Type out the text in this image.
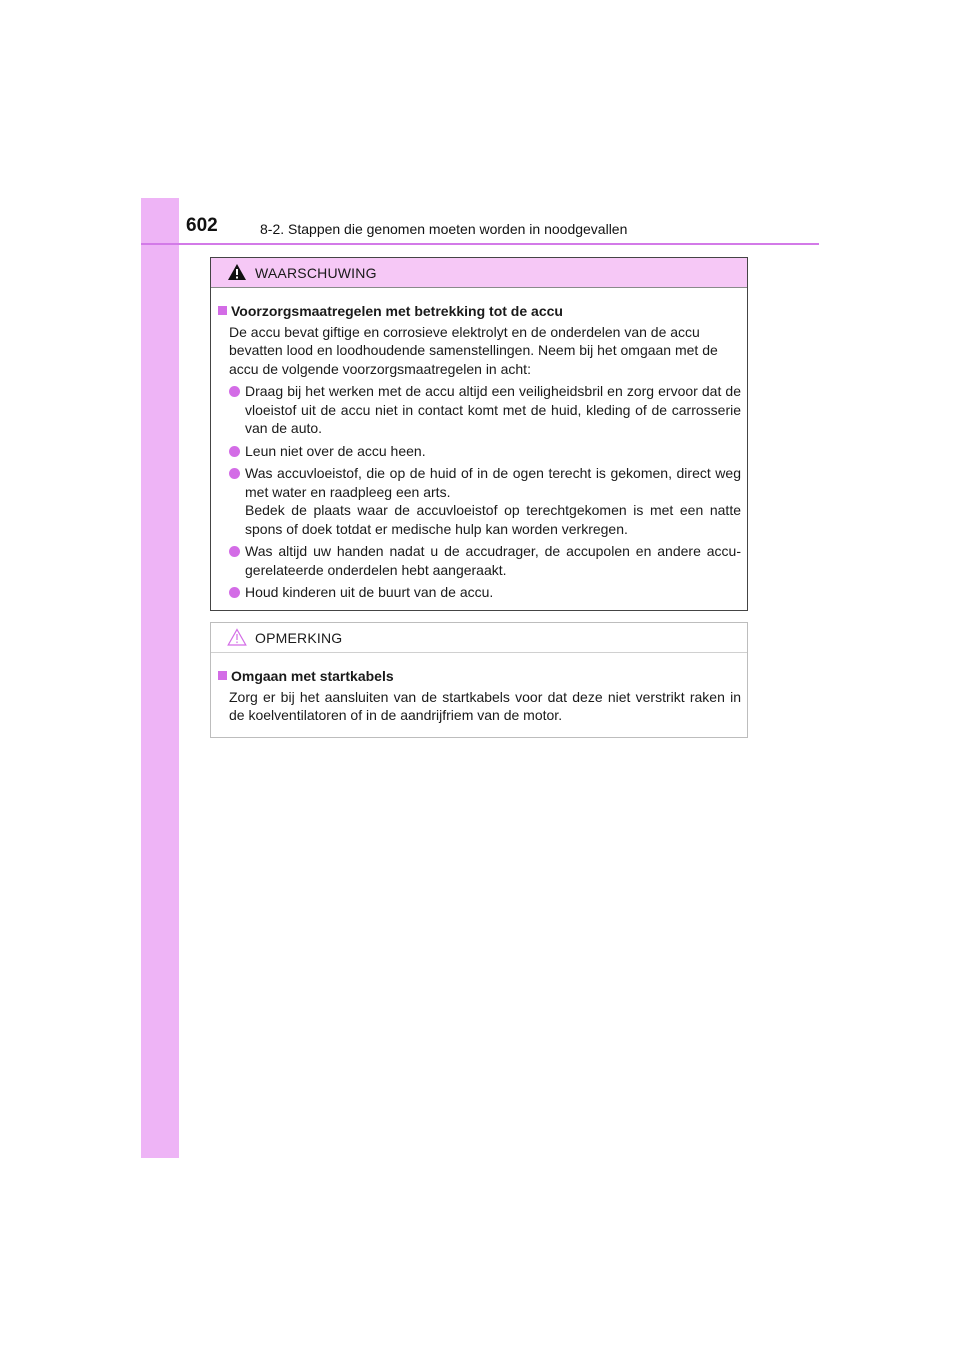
602	8-2. Stappen die genomen moeten worden in noodgevallen
WAARSCHUWING
Voorzorgsmaatregelen met betrekking tot de accu
De accu bevat giftige en corrosieve elektrolyt en de onderdelen van de accu bevatten lood en loodhoudende samenstellingen. Neem bij het omgaan met de accu de volgende voorzorgsmaatregelen in acht:
Draag bij het werken met de accu altijd een veiligheidsbril en zorg ervoor dat de vloeistof uit de accu niet in contact komt met de huid, kleding of de carrosserie van de auto.
Leun niet over de accu heen.
Was accuvloeistof, die op de huid of in de ogen terecht is gekomen, direct weg met water en raadpleeg een arts.
Bedek de plaats waar de accuvloeistof op terechtgekomen is met een natte spons of doek totdat er medische hulp kan worden verkregen.
Was altijd uw handen nadat u de accudrager, de accupolen en andere accu-gerelateerde onderdelen hebt aangeraakt.
Houd kinderen uit de buurt van de accu.
OPMERKING
Omgaan met startkabels
Zorg er bij het aansluiten van de startkabels voor dat deze niet verstrikt raken in de koelventilatoren of in de aandrijfriem van de motor.
